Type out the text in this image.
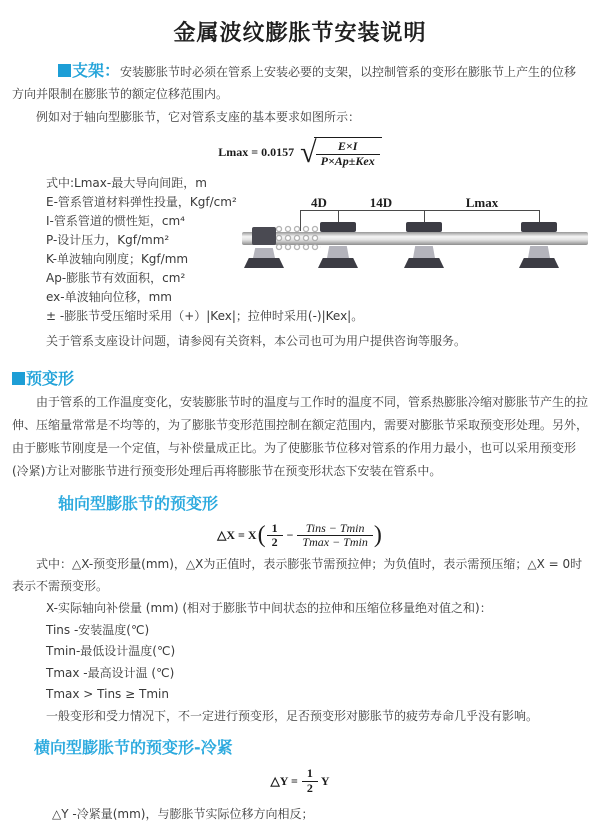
金属波纹膨胀节安装说明

支架：安装膨胀节时必须在管系上安装必要的支架，以控制管系的变形在膨胀节上产生的位移方向并限制在膨胀节的额定位移范围内。

例如对于轴向型膨胀节，它对管系支座的基本要求如图所示：

Lmax = 0.0157 √ $\frac{E\times I}{\text{P×Ap±Kex}}$
式中:Lmax-最大导向间距，m
E-管系管道材料弹性投量，Kgf/cm²
I-管系管道的惯性矩，cm⁴
P-设计压力，Kgf/mm²
K-单波轴向刚度；Kgf/mm
Ap-膨胀节有效面积，cm²
ex-单波轴向位移，mm
± -膨胀节受压缩时采用（+）|Kex|；拉伸时采用(-)|Kex|。

关于管系支座设计问题，请参阅有关资料，本公司也可为用户提供咨询等服务。

4D	14D	Lmax
预变形

由于管系的工作温度变化，安装膨胀节时的温度与工作时的温度不同，管系热膨胀冷缩对膨胀节产生的拉伸、压缩量常常是不均等的，为了膨胀节变形范围控制在额定范围内，需要对膨胀节采取预变形处理。另外，由于膨账节刚度是一个定值，与补偿量成正比。为了使膨胀节位移对管系的作用力最小，也可以采用预变形(冷紧)方让对膨胀节进行预变形处理后再将膨胀节在预变形状态下安装在管系中。

轴向型膨胀节的预变形
△X = X ( $\frac{1}{2} - \frac{\text{Tins − Tmin}}{Tmax - Tmin}$ )

式中：△X-预变形量(mm)，△X为正值时，表示膨张节需预拉伸；为负值时，表示需预压缩；△X = 0时表示不需预变形。

X-实际轴向补偿量 (mm) (相对于膨胀节中间状态的拉伸和压缩位移量绝对值之和)：
Tins -安装温度(℃)
Tmin-最低设计温度(℃)
Tmax -最高设计温 (℃)
Tmax > Tins ≥ Tmin
一般变形和受力情况下，不一定进行预变形，足否预变形对膨胀节的疲劳寿命几乎没有影响。
横向型膨胀节的预变形-冷紧
△Y = $\frac{1}{2}$ Y

△Y -冷紧量(mm)，与膨胀节实际位移方向相反；
